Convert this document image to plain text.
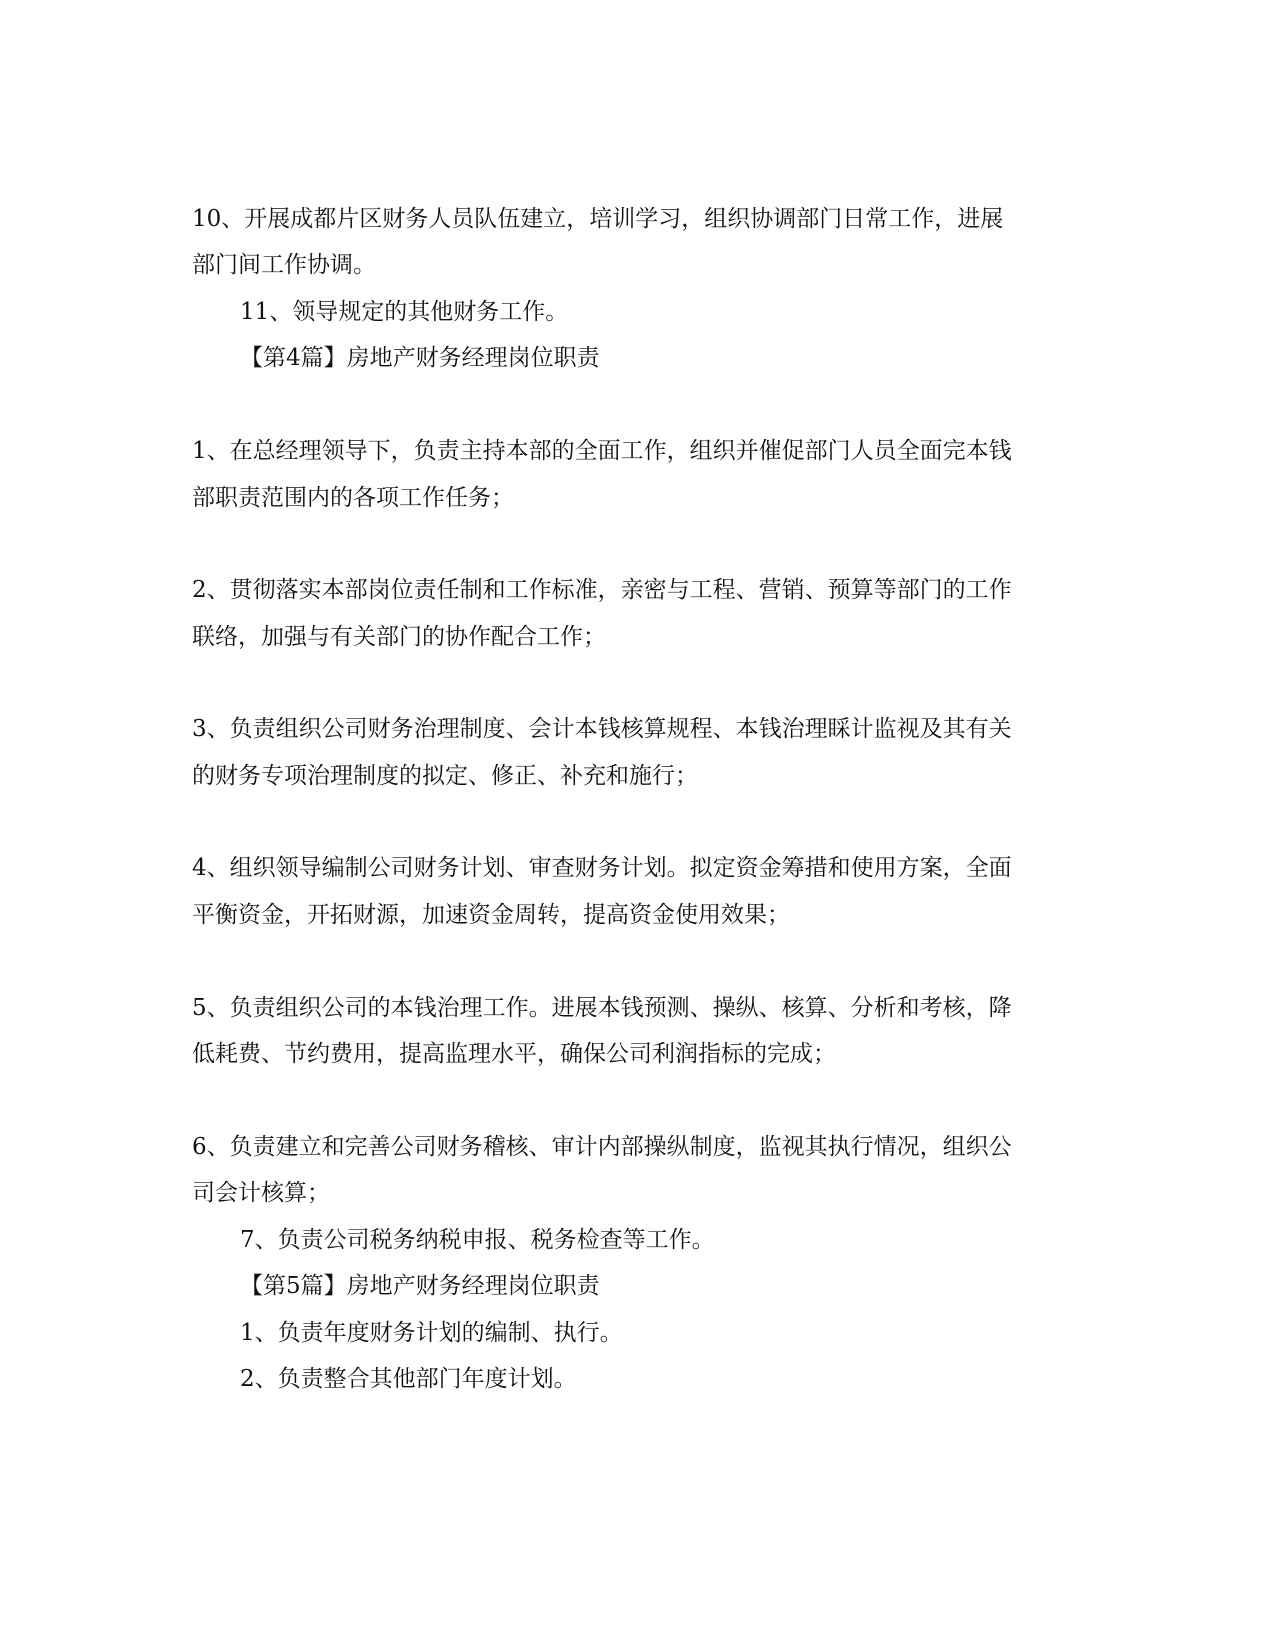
10、开展成都片区财务人员队伍建立，培训学习，组织协调部门日常工作，进展
部门间工作协调。
11、领导规定的其他财务工作。
【第4篇】房地产财务经理岗位职责
1、在总经理领导下，负责主持本部的全面工作，组织并催促部门人员全面完本钱
部职责范围内的各项工作任务；
2、贯彻落实本部岗位责任制和工作标准，亲密与工程、营销、预算等部门的工作
联络，加强与有关部门的协作配合工作；
3、负责组织公司财务治理制度、会计本钱核算规程、本钱治理睬计监视及其有关
的财务专项治理制度的拟定、修正、补充和施行；
4、组织领导编制公司财务计划、审查财务计划。拟定资金筹措和使用方案，全面
平衡资金，开拓财源，加速资金周转，提高资金使用效果；
5、负责组织公司的本钱治理工作。进展本钱预测、操纵、核算、分析和考核，降
低耗费、节约费用，提高监理水平，确保公司利润指标的完成；
6、负责建立和完善公司财务稽核、审计内部操纵制度，监视其执行情况，组织公
司会计核算；
7、负责公司税务纳税申报、税务检查等工作。
【第5篇】房地产财务经理岗位职责
1、负责年度财务计划的编制、执行。
2、负责整合其他部门年度计划。
